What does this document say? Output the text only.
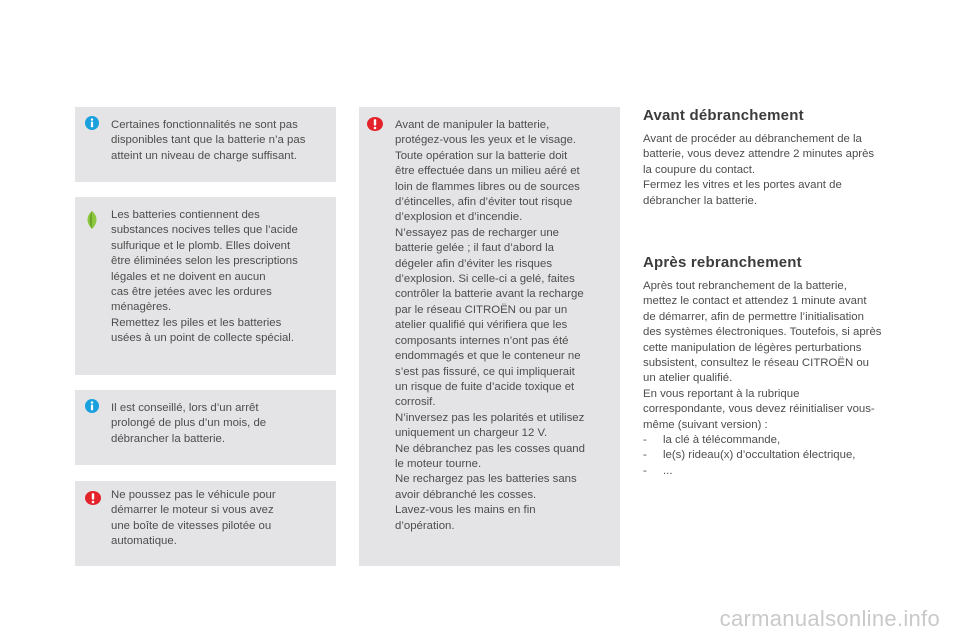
Certaines fonctionnalités ne sont pas
disponibles tant que la batterie n’a pas
atteint un niveau de charge suffisant.

Les batteries contiennent des
substances nocives telles que l’acide
sulfurique et le plomb. Elles doivent
être éliminées selon les prescriptions
légales et ne doivent en aucun
cas être jetées avec les ordures
ménagères.
Remettez les piles et les batteries
usées à un point de collecte spécial.

Il est conseillé, lors d’un arrêt
prolongé de plus d’un mois, de
débrancher la batterie.

Ne poussez pas le véhicule pour
démarrer le moteur si vous avez
une boîte de vitesses pilotée ou
automatique.

Avant de manipuler la batterie,
protégez-vous les yeux et le visage.
Toute opération sur la batterie doit
être effectuée dans un milieu aéré et
loin de flammes libres ou de sources
d’étincelles, afin d’éviter tout risque
d’explosion et d’incendie.
N’essayez pas de recharger une
batterie gelée ; il faut d’abord la
dégeler afin d’éviter les risques
d’explosion. Si celle-ci a gelé, faites
contrôler la batterie avant la recharge
par le réseau CITROËN ou par un
atelier qualifié qui vérifiera que les
composants internes n’ont pas été
endommagés et que le conteneur ne
s’est pas fissuré, ce qui impliquerait
un risque de fuite d’acide toxique et
corrosif.
N’inversez pas les polarités et utilisez
uniquement un chargeur 12 V.
Ne débranchez pas les cosses quand
le moteur tourne.
Ne rechargez pas les batteries sans
avoir débranché les cosses.
Lavez-vous les mains en fin
d’opération.

Avant débranchement

Avant de procéder au débranchement de la
batterie, vous devez attendre 2 minutes après
la coupure du contact.
Fermez les vitres et les portes avant de
débrancher la batterie.

Après rebranchement

Après tout rebranchement de la batterie,
mettez le contact et attendez 1 minute avant
de démarrer, afin de permettre l’initialisation
des systèmes électroniques. Toutefois, si après
cette manipulation de légères perturbations
subsistent, consultez le réseau CITROËN ou
un atelier qualifié.
En vous reportant à la rubrique
correspondante, vous devez réinitialiser vous-
même (suivant version) :

-	la clé à télécommande,
-	le(s) rideau(x) d’occultation électrique,
-	...
carmanualsonline.info
